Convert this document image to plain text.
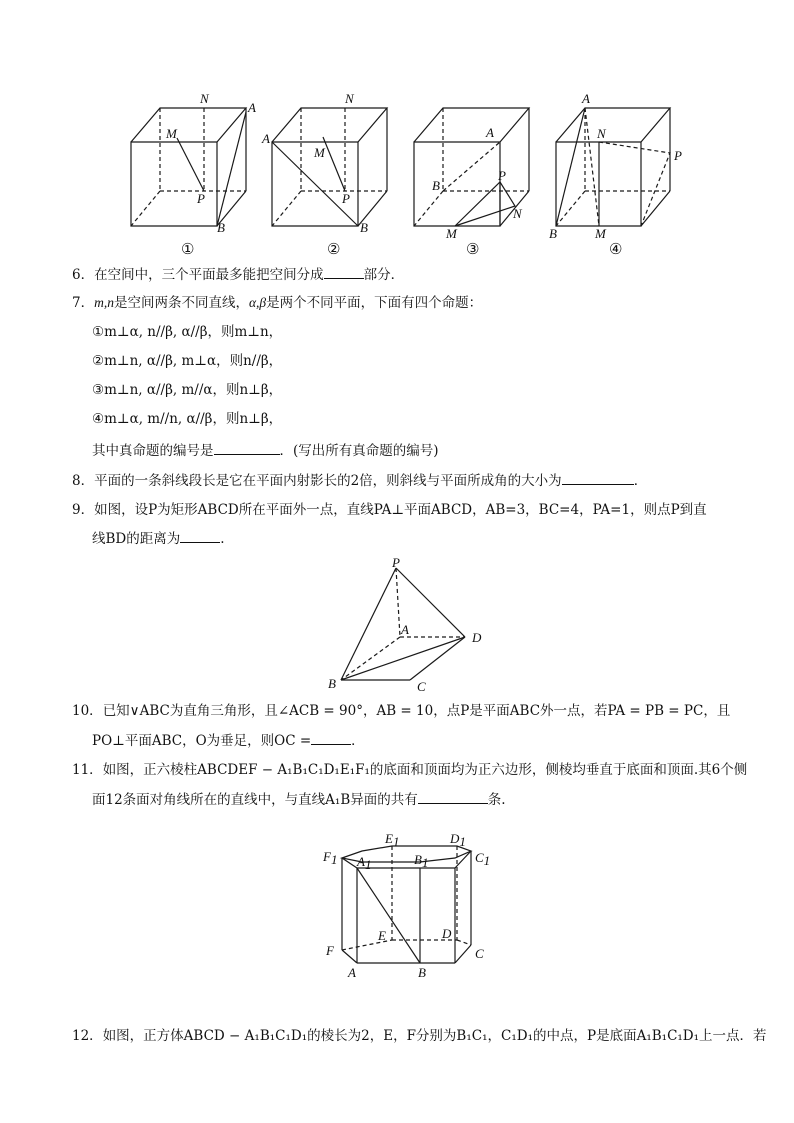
N
A
M
P
B
①
N
A
M
P
B
②
A
B
P
N
M
③
A
N
P
B	M
④
6．在空间中，三个平面最多能把空间分成	部分．
7．m,n是空间两条不同直线，α,β是两个不同平面，下面有四个命题：
①m⊥α, n//β, α//β，则m⊥n，
②m⊥n, α//β, m⊥α，则n//β，
③m⊥n, α//β, m//α，则n⊥β，
④m⊥α, m//n, α//β，则n⊥β，
其中真命题的编号是	．(写出所有真命题的编号)
8．平面的一条斜线段长是它在平面内射影长的2倍，则斜线与平面所成角的大小为	．
9．如图，设P为矩形ABCD所在平面外一点，直线PA⊥平面ABCD，AB=3，BC=4，PA=1，则点P到直
线BD的距离为	.
P
A
D
B	C
10．已知∨ABC为直角三角形，且∠ACB = 90°，AB = 10，点P是平面ABC外一点，若PA = PB = PC，且
PO⊥平面ABC，O为垂足，则OC =	．
11．如图，正六棱柱ABCDEF − A₁B₁C₁D₁E₁F₁的底面和顶面均为正六边形，侧棱均垂直于底面和顶面.其6个侧
面12条面对角线所在的直线中，与直线A₁B异面的共有	条.
E1	D1
F1 A1	B1	C1
E	D
F	C
A	B
12．如图，正方体ABCD − A₁B₁C₁D₁的棱长为2，E，F分别为B₁C₁，C₁D₁的中点，P是底面A₁B₁C₁D₁上一点．若
